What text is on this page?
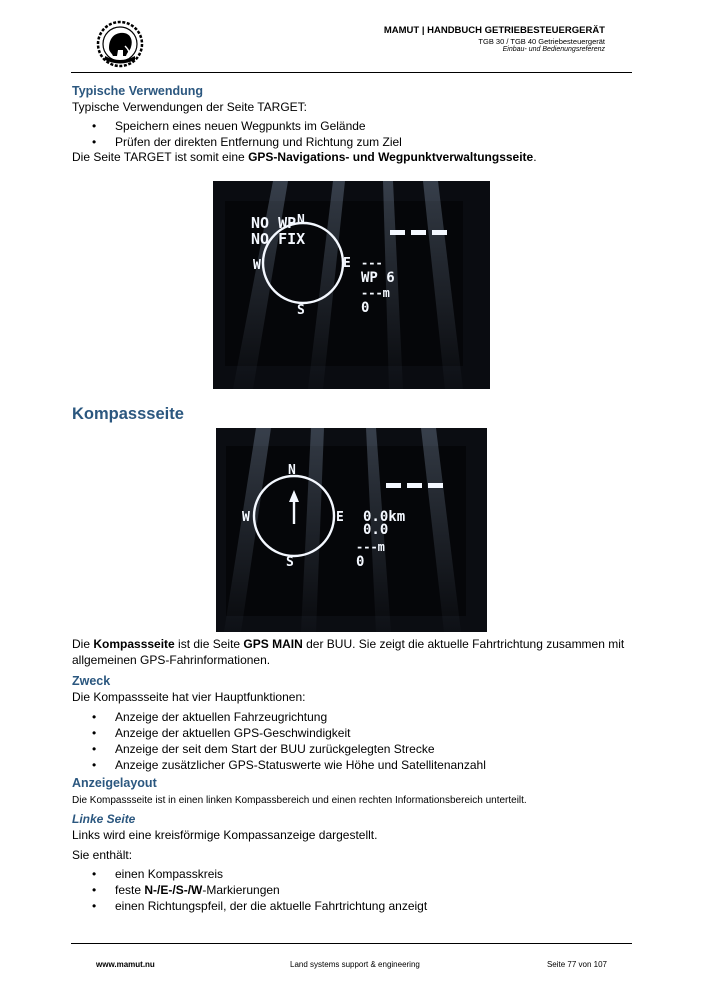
MAMUT | HANDBUCH GETRIEBESTEUERGERÄT
TGB 30 / TGB 40 Getriebesteuergerät
Einbau- und Bedienungsreferenz
Typische Verwendung
Typische Verwendungen der Seite TARGET:
• Speichern eines neuen Wegpunkts im Gelände
• Prüfen der direkten Entfernung und Richtung zum Ziel
Die Seite TARGET ist somit eine GPS-Navigations- und Wegpunktverwaltungsseite.
NO WP
NO FIX
N
E
S
W	---
WP 6
---m
0
Kompassseite
N
E
S
W	0.0km
0.0
---m
0
Die Kompassseite ist die Seite GPS MAIN der BUU. Sie zeigt die aktuelle Fahrtrichtung zusammen mit allgemeinen GPS-Fahrinformationen.
Zweck
Die Kompassseite hat vier Hauptfunktionen:
• Anzeige der aktuellen Fahrzeugrichtung
• Anzeige der aktuellen GPS-Geschwindigkeit
• Anzeige der seit dem Start der BUU zurückgelegten Strecke
• Anzeige zusätzlicher GPS-Statuswerte wie Höhe und Satellitenanzahl
Anzeigelayout
Die Kompassseite ist in einen linken Kompassbereich und einen rechten Informationsbereich unterteilt.
Linke Seite
Links wird eine kreisförmige Kompassanzeige dargestellt.
Sie enthält:
• einen Kompasskreis
• feste N-/E-/S-/W-Markierungen
• einen Richtungspfeil, der die aktuelle Fahrtrichtung anzeigt
www.mamut.nu	Land systems support & engineering	Seite 77 von 107
